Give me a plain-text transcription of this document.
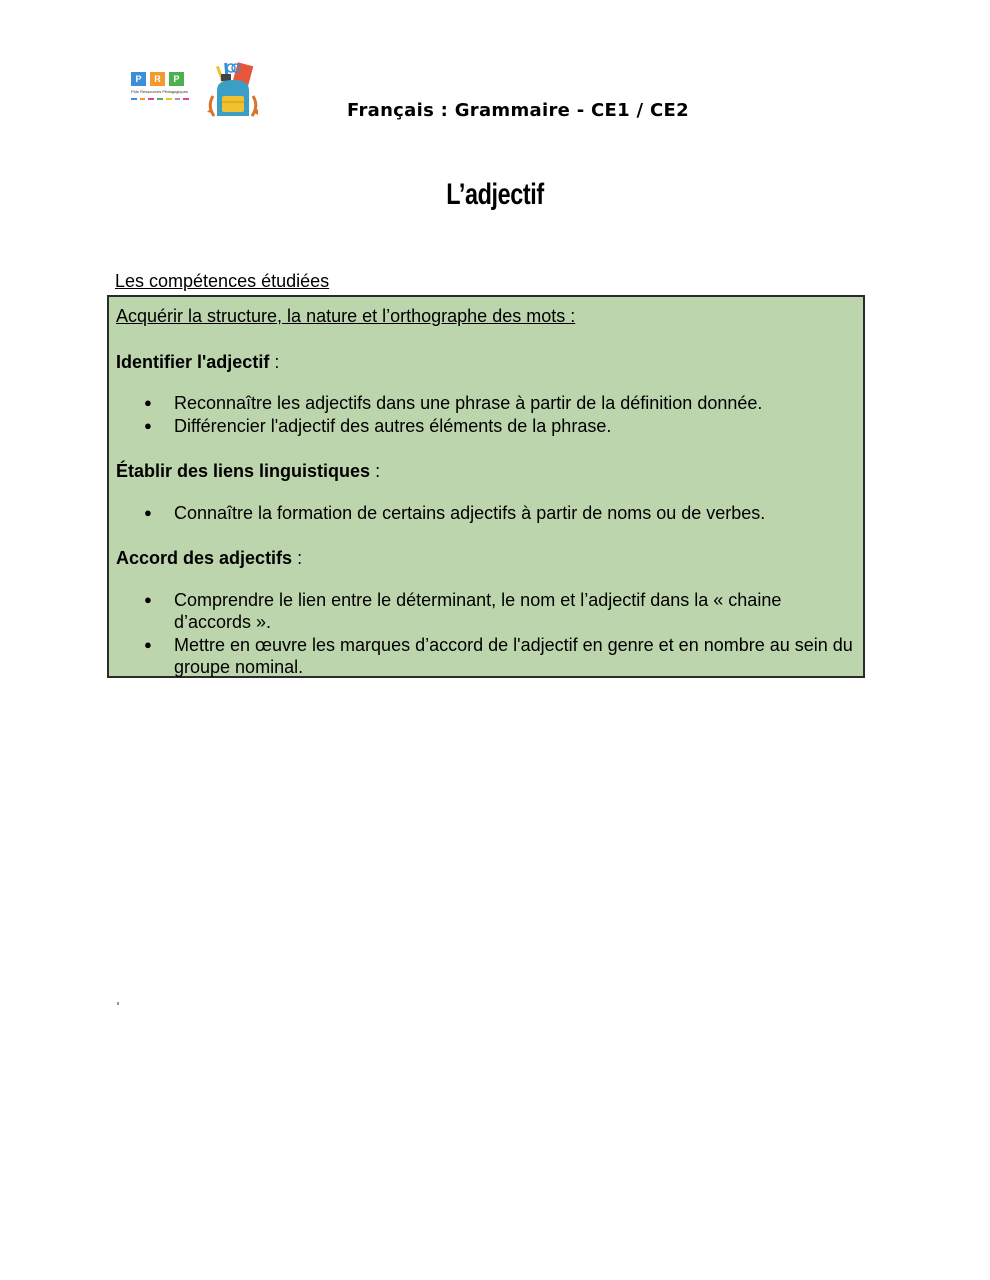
P	R	P
Pôle Ressources Pédagogiques
Français : Grammaire - CE1 / CE2
L’adjectif
Les compétences étudiées

Acquérir la structure, la nature et l’orthographe des mots :

Identifier l'adjectif :

● Reconnaître les adjectifs dans une phrase à partir de la définition donnée.
● Différencier l'adjectif des autres éléments de la phrase.

Établir des liens linguistiques :

● Connaître la formation de certains adjectifs à partir de noms ou de verbes.

Accord des adjectifs :

● Comprendre le lien entre le déterminant, le nom et l’adjectif dans la « chaine d’accords ».
● Mettre en œuvre les marques d’accord de l'adjectif en genre et en nombre au sein du groupe nominal.
